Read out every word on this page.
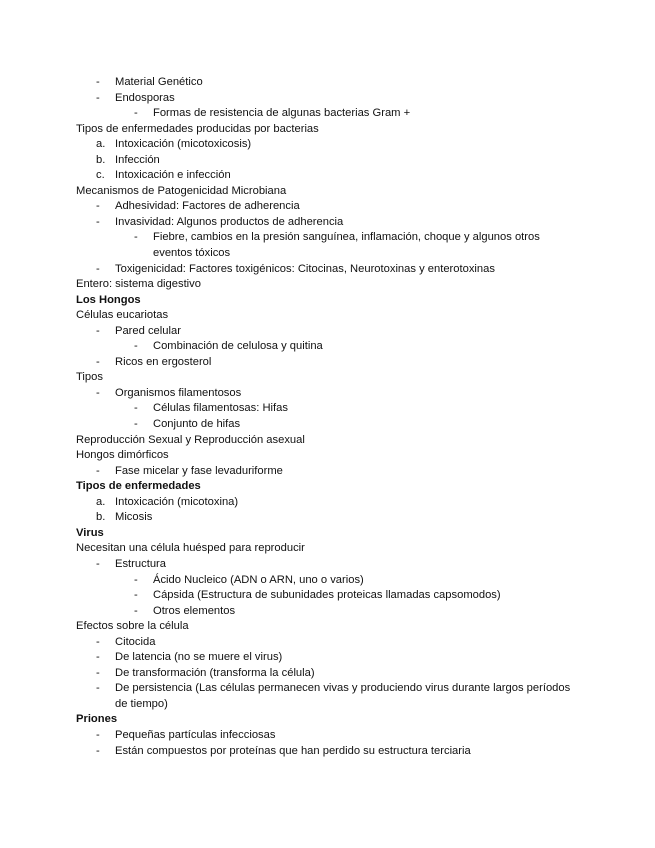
-	Material Genético
-	Endosporas
-	Formas de resistencia de algunas bacterias Gram +
Tipos de enfermedades producidas por bacterias
a. Intoxicación (micotoxicosis)
b. Infección
c. Intoxicación e infección
Mecanismos de Patogenicidad Microbiana
-	Adhesividad: Factores de adherencia
-	Invasividad: Algunos productos de adherencia
-	Fiebre, cambios en la presión sanguínea, inflamación, choque y algunos otros eventos tóxicos
-	Toxigenicidad: Factores toxigénicos: Citocinas, Neurotoxinas y enterotoxinas
Entero: sistema digestivo
Los Hongos
Células eucariotas
-	Pared celular
-	Combinación de celulosa y quitina
-	Ricos en ergosterol
Tipos
-	Organismos filamentosos
-	Células filamentosas: Hifas
-	Conjunto de hifas
Reproducción Sexual y Reproducción asexual
Hongos dimórficos
-	Fase micelar y fase levaduriforme
Tipos de enfermedades
a. Intoxicación (micotoxina)
b. Micosis
Virus
Necesitan una célula huésped para reproducir
-	Estructura
-	Ácido Nucleico (ADN o ARN, uno o varios)
-	Cápsida (Estructura de subunidades proteicas llamadas capsomodos)
-	Otros elementos
Efectos sobre la célula
-	Citocida
-	De latencia (no se muere el virus)
-	De transformación (transforma la célula)
-	De persistencia (Las células permanecen vivas y produciendo virus durante largos períodos de tiempo)
Priones
-	Pequeñas partículas infecciosas
-	Están compuestos por proteínas que han perdido su estructura terciaria
